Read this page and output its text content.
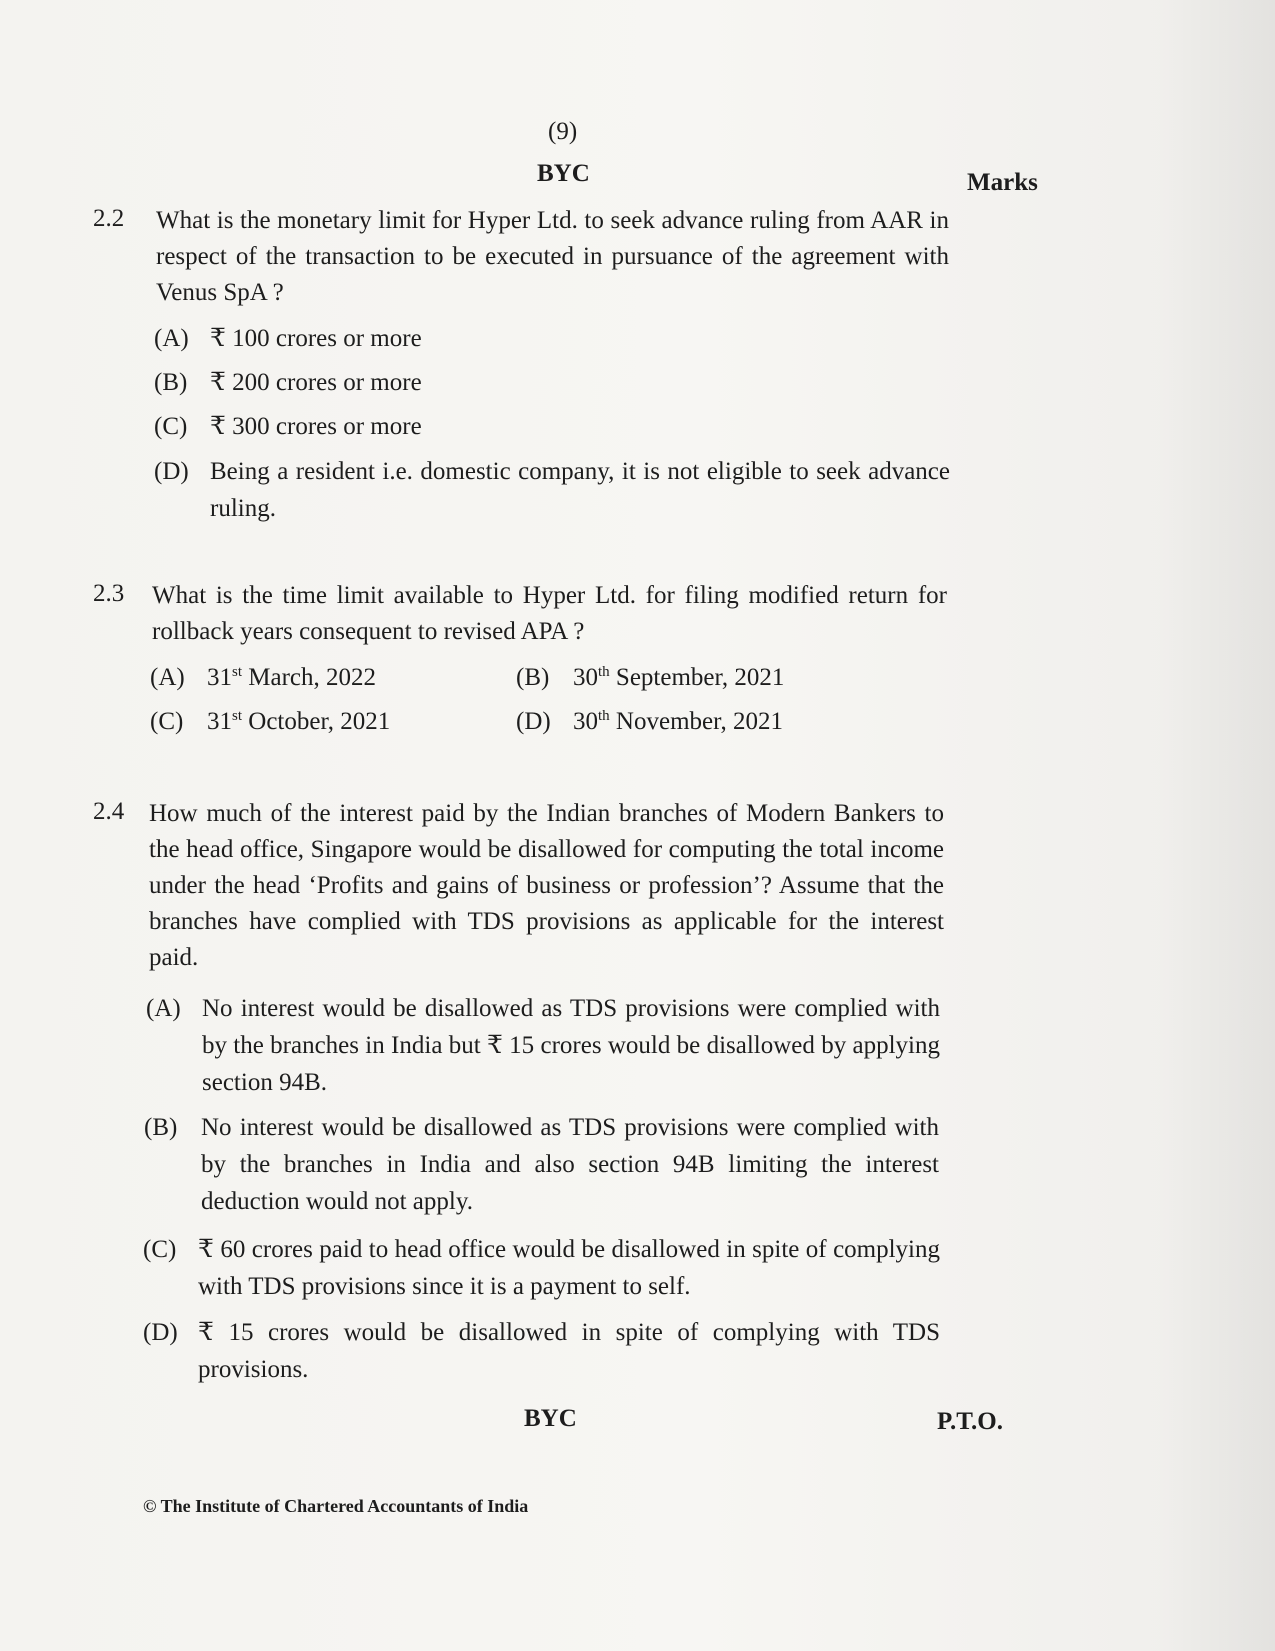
(9)
BYC	Marks
2.2 What is the monetary limit for Hyper Ltd. to seek advance ruling from AAR in respect of the transaction to be executed in pursuance of the agreement with Venus SpA ?
(A) ₹ 100 crores or more
(B) ₹ 200 crores or more
(C) ₹ 300 crores or more
(D) Being a resident i.e. domestic company, it is not eligible to seek advance ruling.
2.3 What is the time limit available to Hyper Ltd. for filing modified return for rollback years consequent to revised APA ?
(A) 31st March, 2022	(B) 30th September, 2021
(C) 31st October, 2021	(D) 30th November, 2021
2.4 How much of the interest paid by the Indian branches of Modern Bankers to the head office, Singapore would be disallowed for computing the total income under the head ‘Profits and gains of business or profession’? Assume that the branches have complied with TDS provisions as applicable for the interest paid.
(A) No interest would be disallowed as TDS provisions were complied with by the branches in India but ₹ 15 crores would be disallowed by applying section 94B.
(B) No interest would be disallowed as TDS provisions were complied with by the branches in India and also section 94B limiting the interest deduction would not apply.
(C) ₹ 60 crores paid to head office would be disallowed in spite of complying with TDS provisions since it is a payment to self.
(D) ₹ 15 crores would be disallowed in spite of complying with TDS provisions.
BYC	P.T.O.
© The Institute of Chartered Accountants of India
